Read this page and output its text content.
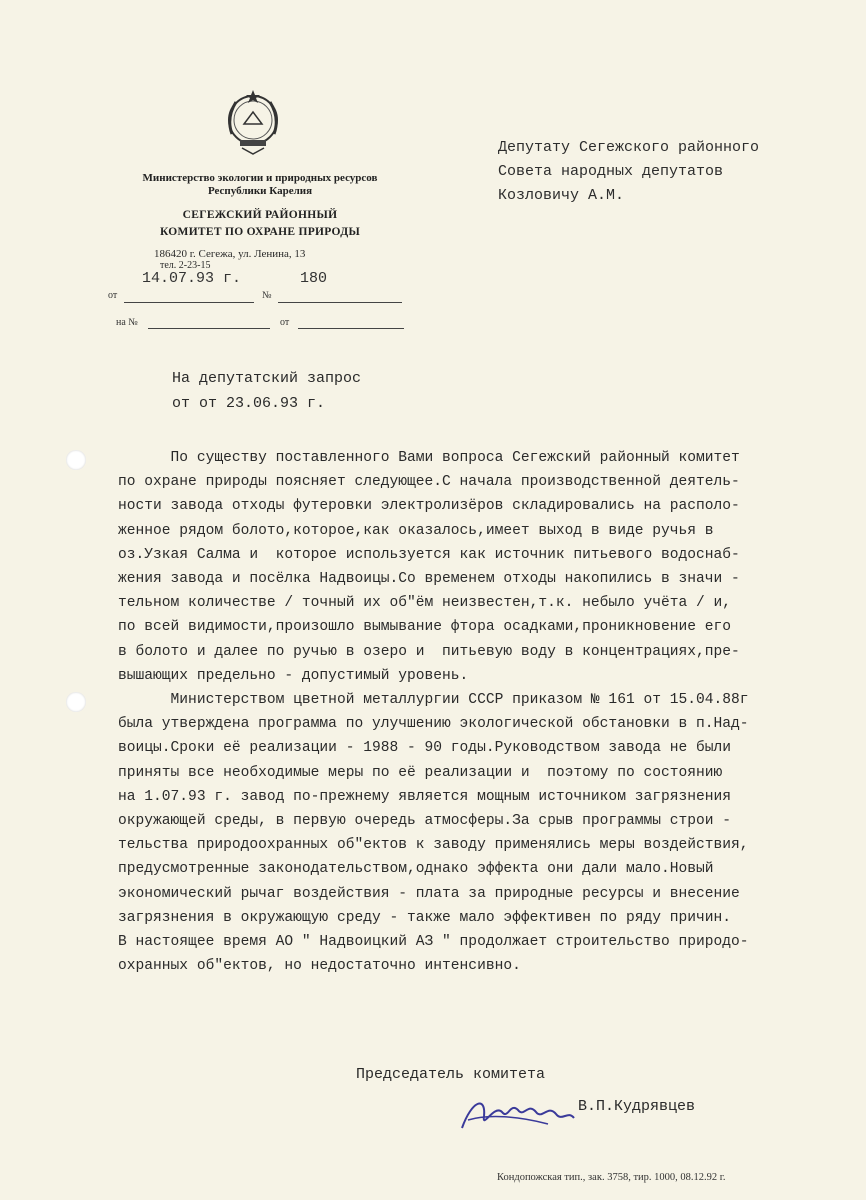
Министерство экологии и природных ресурсов
Республики Карелия
СЕГЕЖСКИЙ РАЙОННЫЙ
КОМИТЕТ ПО ОХРАНЕ ПРИРОДЫ
186420 г. Сегежа, ул. Ленина, 13
тел. 2-23-15
от
14.07.93 г.
№
180
на №	от
Депутату Сегежского районного
Совета народных депутатов
Козловичу А.М.
На депутатский запрос
от от 23.06.93 г.
По существу поставленного Вами вопроса Сегежский районный комитет
по охране природы поясняет следующее.С начала производственной деятель-
ности завода отходы футеровки электролизёров складировались на располо-
женное рядом болото,которое,как оказалось,имеет выход в виде ручья в
оз.Узкая Салма и  которое используется как источник питьевого водоснаб-
жения завода и посёлка Надвоицы.Со временем отходы накопились в значи -
тельном количестве / точный их об"ём неизвестен,т.к. небыло учёта / и,
по всей видимости,произошло вымывание фтора осадками,проникновение его
в болото и далее по ручью в озеро и  питьевую воду в концентрациях,пре-
вышающих предельно - допустимый уровень.
Министерством цветной металлургии СССР приказом № 161 от 15.04.88г
была утверждена программа по улучшению экологической обстановки в п.Над-
воицы.Сроки её реализации - 1988 - 90 годы.Руководством завода не были
приняты все необходимые меры по её реализации и  поэтому по состоянию
на 1.07.93 г. завод по-прежнему является мощным источником загрязнения
окружающей среды, в первую очередь атмосферы.За срыв программы строи -
тельства природоохранных об"ектов к заводу применялись меры воздействия,
предусмотренные законодательством,однако эффекта они дали мало.Новый
экономический рычаг воздействия - плата за природные ресурсы и внесение
загрязнения в окружающую среду - также мало эффективен по ряду причин.
В настоящее время АО " Надвоицкий АЗ " продолжает строительство природо-
охранных об"ектов, но недостаточно интенсивно.
Председатель комитета
В.П.Кудрявцев
Кондопожская тип., зак. 3758, тир. 1000, 08.12.92 г.
